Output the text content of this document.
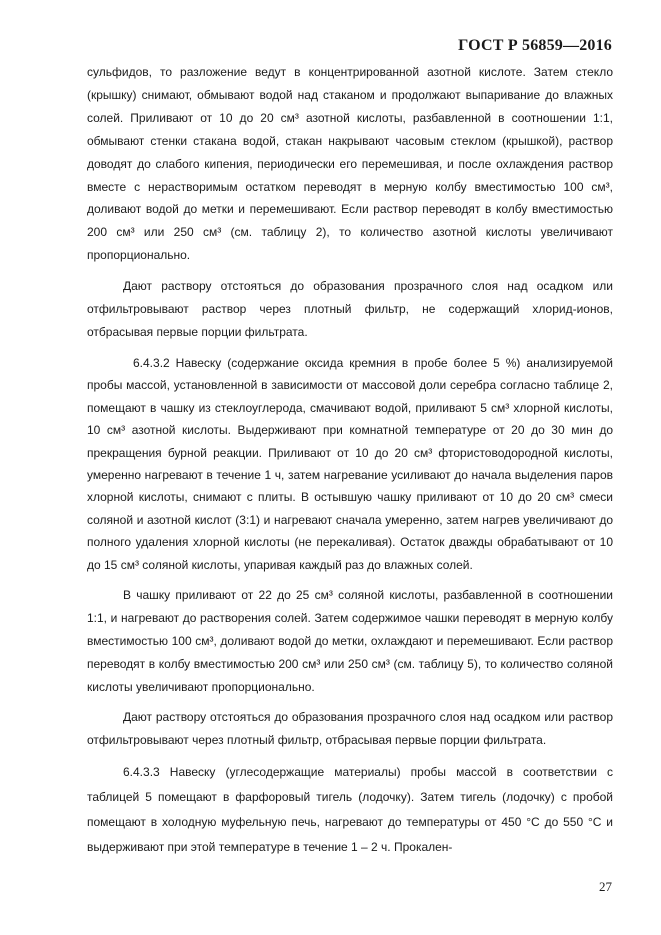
ГОСТ Р 56859—2016

сульфидов, то разложение ведут в концентрированной азотной кислоте. Затем стекло (крышку) снимают, обмывают водой над стаканом и продолжают выпаривание до влажных солей. Приливают от 10 до 20 см³ азотной кислоты, разбавленной в соотношении 1:1, обмывают стенки стакана водой, стакан накрывают часовым стеклом (крышкой), раствор доводят до слабого кипения, периодически его перемешивая, и после охлаждения раствор вместе с нерастворимым остатком переводят в мерную колбу вместимостью 100 см³, доливают водой до метки и перемешивают. Если раствор переводят в колбу вместимостью 200 см³ или 250 см³ (см. таблицу 2), то количество азотной кислоты увеличивают пропорционально.

Дают раствору отстояться до образования прозрачного слоя над осадком или отфильтровывают раствор через плотный фильтр, не содержащий хлорид-ионов, отбрасывая первые порции фильтрата.

6.4.3.2 Навеску (содержание оксида кремния в пробе более 5 %) анализируемой пробы массой, установленной в зависимости от массовой доли серебра согласно таблице 2, помещают в чашку из стеклоуглерода, смачивают водой, приливают 5 см³ хлорной кислоты, 10 см³ азотной кислоты. Выдерживают при комнатной температуре от 20 до 30 мин до прекращения бурной реакции. Приливают от 10 до 20 см³ фтористоводородной кислоты, умеренно нагревают в течение 1 ч, затем нагревание усиливают до начала выделения паров хлорной кислоты, снимают с плиты. В остывшую чашку приливают от 10 до 20 см³ смеси соляной и азотной кислот (3:1) и нагревают сначала умеренно, затем нагрев увеличивают до полного удаления хлорной кислоты (не перекаливая). Остаток дважды обрабатывают от 10 до 15 см³ соляной кислоты, упаривая каждый раз до влажных солей.

В чашку приливают от 22 до 25 см³ соляной кислоты, разбавленной в соотношении 1:1, и нагревают до растворения солей. Затем содержимое чашки переводят в мерную колбу вместимостью 100 см³, доливают водой до метки, охлаждают и перемешивают. Если раствор переводят в колбу вместимостью 200 см³ или 250 см³ (см. таблицу 5), то количество соляной кислоты увеличивают пропорционально.

Дают раствору отстояться до образования прозрачного слоя над осадком или раствор отфильтровывают через плотный фильтр, отбрасывая первые порции фильтрата.

6.4.3.3 Навеску (углесодержащие материалы) пробы массой в соответствии с таблицей 5 помещают в фарфоровый тигель (лодочку). Затем тигель (лодочку) с пробой помещают в холодную муфельную печь, нагревают до температуры от 450 °С до 550 °С и выдерживают при этой температуре в течение 1 – 2 ч. Прокален-

27
